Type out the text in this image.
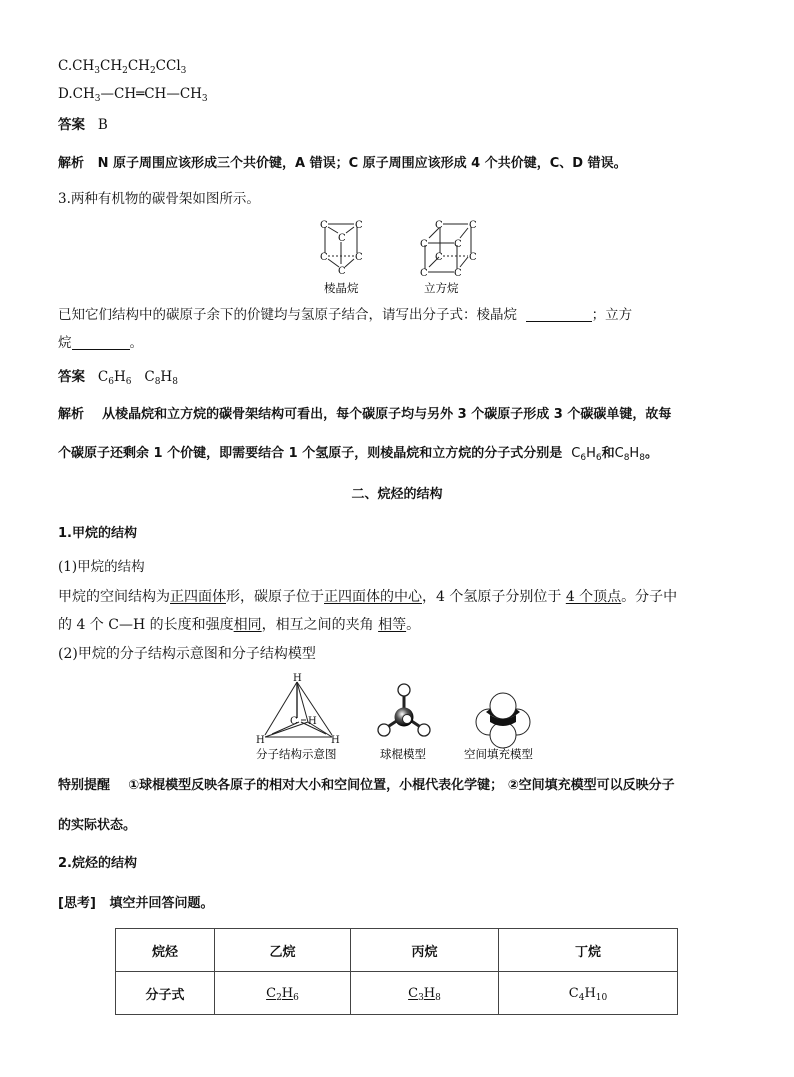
$C.CH_3CH_2CH_2CCl_3$
$D.CH_3—CH═CH—CH_3$
答案 B
解析 N 原子周围应该形成三个共价键，A 错误；C 原子周围应该形成 4 个共价键，C、D 错误。
3.两种有机物的碳骨架如图所示。
C	C
C
C	C
C
棱晶烷
C	C
C	C
C	C
C	C
立方烷
已知它们结构中的碳原子余下的价键均与氢原子结合，请写出分子式：棱晶烷	；立方
烷	。
答案 $C_6H_6$ $C_8H_8$
解析 从棱晶烷和立方烷的碳骨架结构可看出，每个碳原子均与另外 3 个碳原子形成 3 个碳碳单键，故每
个碳原子还剩余 1 个价键，即需要结合 1 个氢原子，则棱晶烷和立方烷的分子式分别是 $C_6H_6$和$C_8H_8$。
二、烷烃的结构
1.甲烷的结构
(1)甲烷的结构
甲烷的空间结构为正四面体形，碳原子位于正四面体的中心，4 个氢原子分别位于 4 个顶点。分子中
的 4 个 C—H 的长度和强度相同，相互之间的夹角 相等。
(2)甲烷的分子结构示意图和分子结构模型
H
C H
H	H
分子结构示意图	球棍模型	空间填充模型
特别提醒 ①球棍模型反映各原子的相对大小和空间位置，小棍代表化学键； ②空间填充模型可以反映分子
的实际状态。
2.烷烃的结构
[思考] 填空并回答问题。
烷烃	乙烷	丙烷	丁烷
分子式	$C_2H_6$	$C_3H_8$	$C_4H_{10}$
